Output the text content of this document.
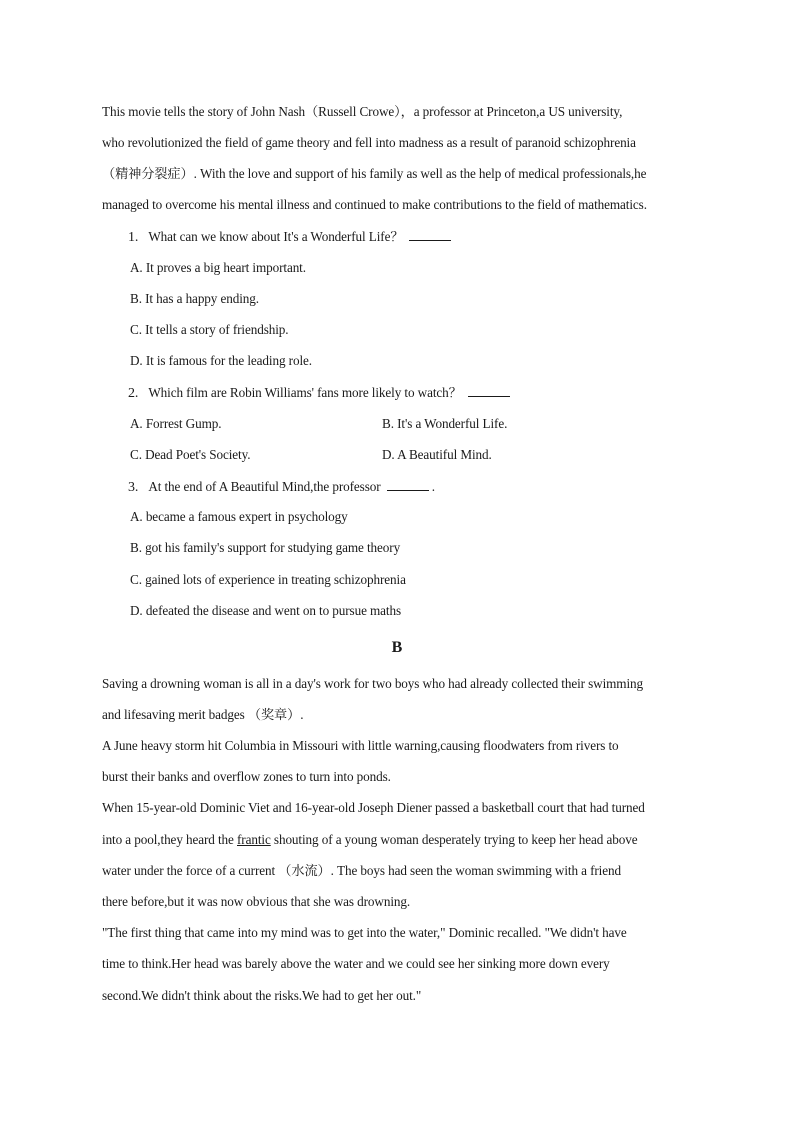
This movie tells the story of John Nash（Russell Crowe），a professor at Princeton,a US university,
who revolutionized the field of game theory and fell into madness as a result of paranoid schizophrenia
（精神分裂症）. With the love and support of his family as well as the help of medical professionals,he
managed to overcome his mental illness and continued to make contributions to the field of mathematics.
1. What can we know about It's a Wonderful Life？
A. It proves a big heart important.
B. It has a happy ending.
C. It tells a story of friendship.
D. It is famous for the leading role.
2. Which film are Robin Williams' fans more likely to watch？
A. Forrest Gump.	B. It's a Wonderful Life.
C. Dead Poet's Society.	D. A Beautiful Mind.
3. At the end of A Beautiful Mind,the professor	.
A. became a famous expert in psychology
B. got his family's support for studying game theory
C. gained lots of experience in treating schizophrenia
D. defeated the disease and went on to pursue maths
B
Saving a drowning woman is all in a day's work for two boys who had already collected their swimming
and lifesaving merit badges （奖章）.
A June heavy storm hit Columbia in Missouri with little warning,causing floodwaters from rivers to
burst their banks and overflow zones to turn into ponds.
When 15-year-old Dominic Viet and 16-year-old Joseph Diener passed a basketball court that had turned
into a pool,they heard the frantic shouting of a young woman desperately trying to keep her head above
water under the force of a current （水流）. The boys had seen the woman swimming with a friend
there before,but it was now obvious that she was drowning.
"The first thing that came into my mind was to get into the water," Dominic recalled. "We didn't have
time to think.Her head was barely above the water and we could see her sinking more down every
second.We didn't think about the risks.We had to get her out."
